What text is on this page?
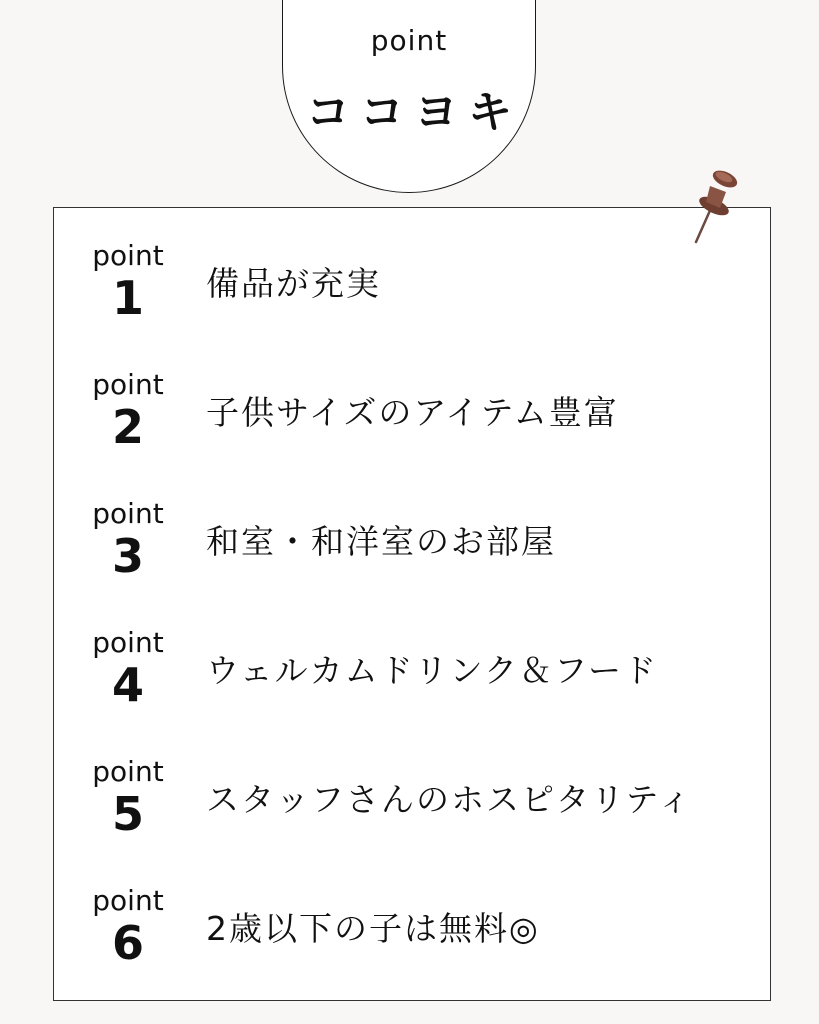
point
ココヨキ
point
1	備品が充実
point
2	子供サイズのアイテム豊富
point
3	和室・和洋室のお部屋
point
4	ウェルカムドリンク＆フード
point
5	スタッフさんのホスピタリティ
point
6	2歳以下の子は無料◎
